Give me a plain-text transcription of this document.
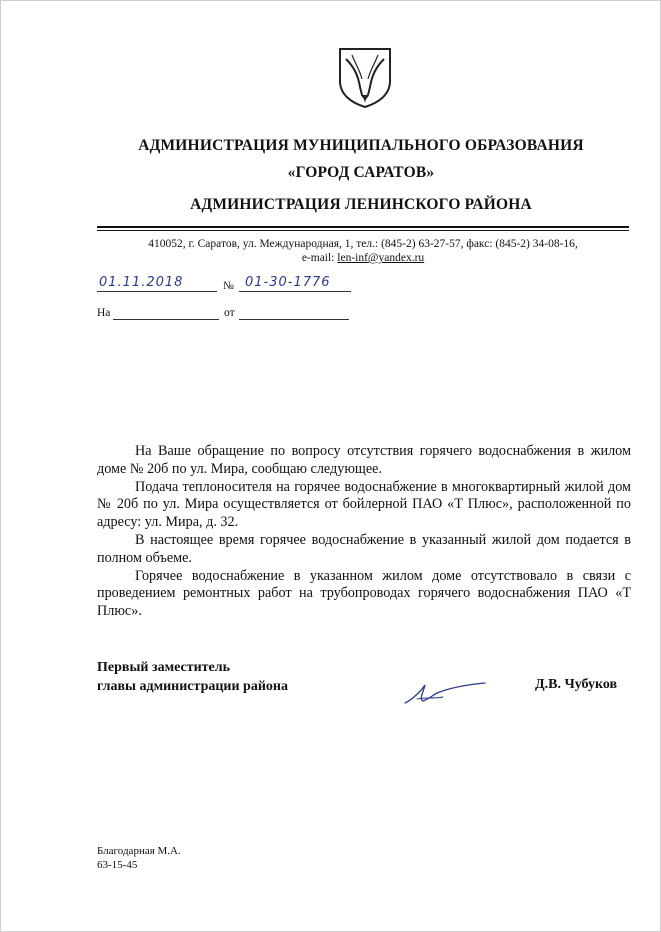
АДМИНИСТРАЦИЯ МУНИЦИПАЛЬНОГО ОБРАЗОВАНИЯ
«ГОРОД САРАТОВ»
АДМИНИСТРАЦИЯ ЛЕНИНСКОГО РАЙОНА
410052, г. Саратов, ул. Международная, 1, тел.: (845-2) 63-27-57, факс: (845-2) 34-08-16,
e-mail: len-inf@yandex.ru
01.11.2018	№ 01-30-1776
На	от

На Ваше обращение по вопросу отсутствия горячего водоснабжения в жилом доме № 20б по ул. Мира, сообщаю следующее.

Подача теплоносителя на горячее водоснабжение в многоквартирный жилой дом № 20б по ул. Мира осуществляется от бойлерной ПАО «Т Плюс», расположенной по адресу: ул. Мира, д. 32.

В настоящее время горячее водоснабжение в указанный жилой дом подается в полном объеме.

Горячее водоснабжение в указанном жилом доме отсутствовало в связи с проведением ремонтных работ на трубопроводах горячего водоснабжения ПАО «Т Плюс».

Первый заместитель
главы администрации района	Д.В. Чубуков
Благодарная М.А.
63-15-45
